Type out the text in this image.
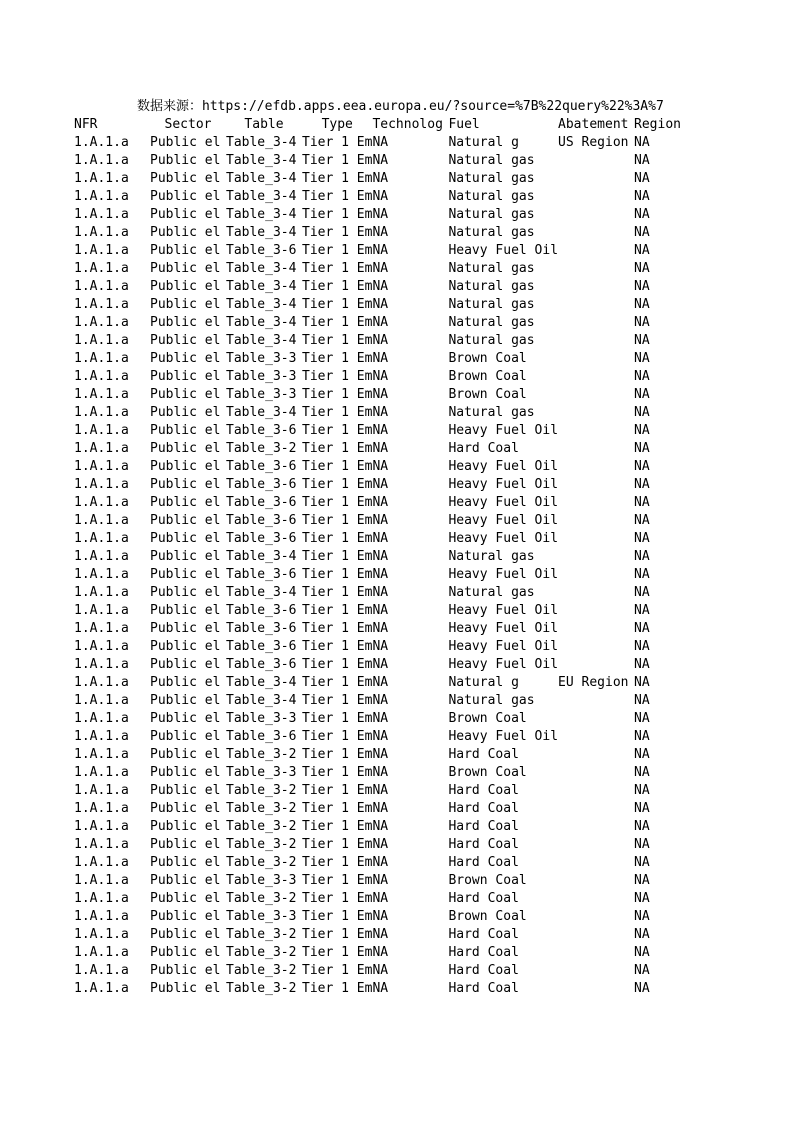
数据来源：https://efdb.apps.eea.europa.eu/?source=%7B%22query%22%3A%7
NFR	Sector	Table	Type	Technolog	Fuel	Abatement	Region
1.A.1.a	Public el	Table_3-4	Tier 1 Em	NA	Natural g	US Region	NA
1.A.1.a	Public el	Table_3-4	Tier 1 Em	NA	Natural gas		NA
1.A.1.a	Public el	Table_3-4	Tier 1 Em	NA	Natural gas		NA
1.A.1.a	Public el	Table_3-4	Tier 1 Em	NA	Natural gas		NA
1.A.1.a	Public el	Table_3-4	Tier 1 Em	NA	Natural gas		NA
1.A.1.a	Public el	Table_3-4	Tier 1 Em	NA	Natural gas		NA
1.A.1.a	Public el	Table_3-6	Tier 1 Em	NA	Heavy Fuel Oil		NA
1.A.1.a	Public el	Table_3-4	Tier 1 Em	NA	Natural gas		NA
1.A.1.a	Public el	Table_3-4	Tier 1 Em	NA	Natural gas		NA
1.A.1.a	Public el	Table_3-4	Tier 1 Em	NA	Natural gas		NA
1.A.1.a	Public el	Table_3-4	Tier 1 Em	NA	Natural gas		NA
1.A.1.a	Public el	Table_3-4	Tier 1 Em	NA	Natural gas		NA
1.A.1.a	Public el	Table_3-3	Tier 1 Em	NA	Brown Coal		NA
1.A.1.a	Public el	Table_3-3	Tier 1 Em	NA	Brown Coal		NA
1.A.1.a	Public el	Table_3-3	Tier 1 Em	NA	Brown Coal		NA
1.A.1.a	Public el	Table_3-4	Tier 1 Em	NA	Natural gas		NA
1.A.1.a	Public el	Table_3-6	Tier 1 Em	NA	Heavy Fuel Oil		NA
1.A.1.a	Public el	Table_3-2	Tier 1 Em	NA	Hard Coal		NA
1.A.1.a	Public el	Table_3-6	Tier 1 Em	NA	Heavy Fuel Oil		NA
1.A.1.a	Public el	Table_3-6	Tier 1 Em	NA	Heavy Fuel Oil		NA
1.A.1.a	Public el	Table_3-6	Tier 1 Em	NA	Heavy Fuel Oil		NA
1.A.1.a	Public el	Table_3-6	Tier 1 Em	NA	Heavy Fuel Oil		NA
1.A.1.a	Public el	Table_3-6	Tier 1 Em	NA	Heavy Fuel Oil		NA
1.A.1.a	Public el	Table_3-4	Tier 1 Em	NA	Natural gas		NA
1.A.1.a	Public el	Table_3-6	Tier 1 Em	NA	Heavy Fuel Oil		NA
1.A.1.a	Public el	Table_3-4	Tier 1 Em	NA	Natural gas		NA
1.A.1.a	Public el	Table_3-6	Tier 1 Em	NA	Heavy Fuel Oil		NA
1.A.1.a	Public el	Table_3-6	Tier 1 Em	NA	Heavy Fuel Oil		NA
1.A.1.a	Public el	Table_3-6	Tier 1 Em	NA	Heavy Fuel Oil		NA
1.A.1.a	Public el	Table_3-6	Tier 1 Em	NA	Heavy Fuel Oil		NA
1.A.1.a	Public el	Table_3-4	Tier 1 Em	NA	Natural g	EU Region	NA
1.A.1.a	Public el	Table_3-4	Tier 1 Em	NA	Natural gas		NA
1.A.1.a	Public el	Table_3-3	Tier 1 Em	NA	Brown Coal		NA
1.A.1.a	Public el	Table_3-6	Tier 1 Em	NA	Heavy Fuel Oil		NA
1.A.1.a	Public el	Table_3-2	Tier 1 Em	NA	Hard Coal		NA
1.A.1.a	Public el	Table_3-3	Tier 1 Em	NA	Brown Coal		NA
1.A.1.a	Public el	Table_3-2	Tier 1 Em	NA	Hard Coal		NA
1.A.1.a	Public el	Table_3-2	Tier 1 Em	NA	Hard Coal		NA
1.A.1.a	Public el	Table_3-2	Tier 1 Em	NA	Hard Coal		NA
1.A.1.a	Public el	Table_3-2	Tier 1 Em	NA	Hard Coal		NA
1.A.1.a	Public el	Table_3-2	Tier 1 Em	NA	Hard Coal		NA
1.A.1.a	Public el	Table_3-3	Tier 1 Em	NA	Brown Coal		NA
1.A.1.a	Public el	Table_3-2	Tier 1 Em	NA	Hard Coal		NA
1.A.1.a	Public el	Table_3-3	Tier 1 Em	NA	Brown Coal		NA
1.A.1.a	Public el	Table_3-2	Tier 1 Em	NA	Hard Coal		NA
1.A.1.a	Public el	Table_3-2	Tier 1 Em	NA	Hard Coal		NA
1.A.1.a	Public el	Table_3-2	Tier 1 Em	NA	Hard Coal		NA
1.A.1.a	Public el	Table_3-2	Tier 1 Em	NA	Hard Coal		NA
